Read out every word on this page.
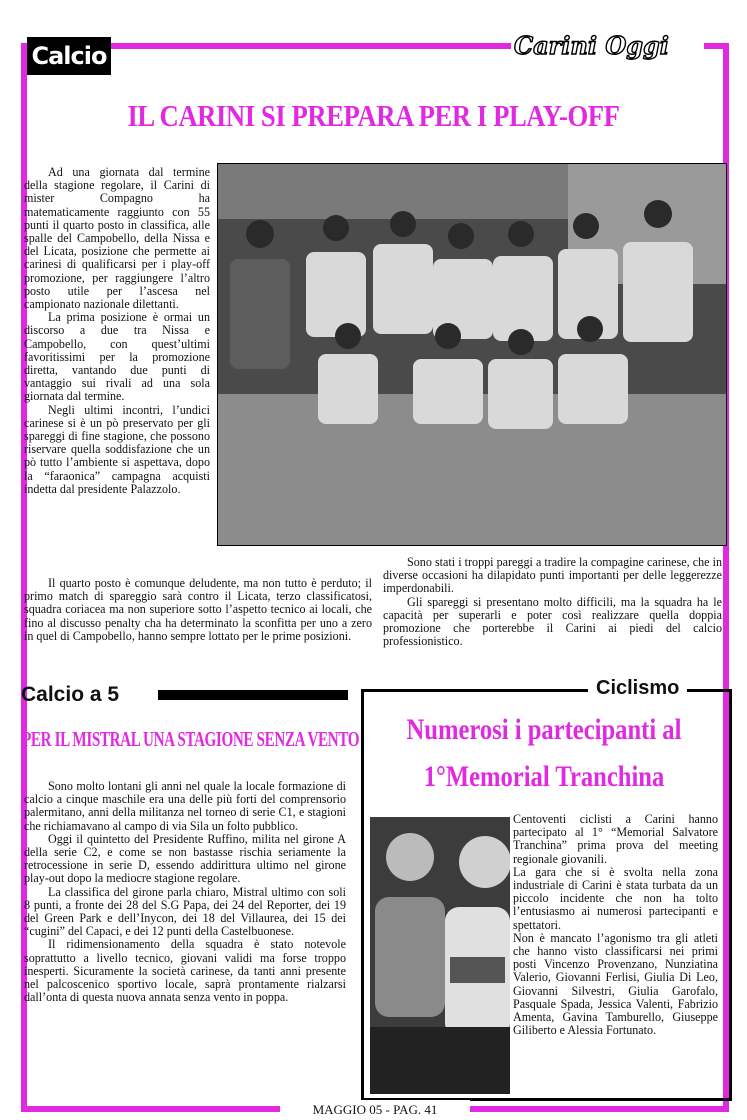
Calcio	Carini Oggi
IL CARINI SI PREPARA PER I PLAY-OFF

Ad una giornata dal termine della stagione regolare, il Carini di mister Compagno ha matematicamente raggiunto con 55 punti il quarto posto in classifica, alle spalle del Campobello, della Nissa e del Licata, posizione che permette ai carinesi di qualificarsi per i play-off promozione, per raggiungere l’altro posto utile per l’ascesa nel campionato nazionale dilettanti.

La prima posizione è ormai un discorso a due tra Nissa e Campobello, con quest’ultimi favoritissimi per la promozione diretta, vantando due punti di vantaggio sui rivali ad una sola giornata dal termine.

Negli ultimi incontri, l’undici carinese si è un pò preservato per gli spareggi di fine stagione, che possono riservare quella soddisfazione che un pò tutto l’ambiente si aspettava, dopo la “faraonica” campagna acquisti indetta dal presidente Palazzolo.

Il quarto posto è comunque deludente, ma non tutto è perduto; il primo match di spareggio sarà contro il Licata, terzo classificatosi, squadra coriacea ma non superiore sotto l’aspetto tecnico ai locali, che fino al discusso penalty cha ha determinato la sconfitta per uno a zero in quel di Campobello, hanno sempre lottato per le prime posizioni.

Sono stati i troppi pareggi a tradire la compagine carinese, che in diverse occasioni ha dilapidato punti importanti per delle leggerezze imperdonabili.

Gli spareggi si presentano molto difficili, ma la squadra ha le capacità per superarli e poter così realizzare quella doppia promozione che porterebbe il Carini ai piedi del calcio professionistico.

Calcio a 5
PER IL MISTRAL UNA STAGIONE SENZA VENTO

Sono molto lontani gli anni nel quale la locale formazione di calcio a cinque maschile era una delle più forti del comprensorio palermitano, anni della militanza nel torneo di serie C1, e stagioni che richiamavano al campo di via Sila un folto pubblico.

Oggi il quintetto del Presidente Ruffino, milita nel girone A della serie C2, e come se non bastasse rischia seriamente la retrocessione in serie D, essendo addirittura ultimo nel girone play-out dopo la mediocre stagione regolare.

La classifica del girone parla chiaro, Mistral ultimo con soli 8 punti, a fronte dei 28 del S.G Papa, dei 24 del Reporter, dei 19 del Green Park e dell’Inycon, dei 18 del Villaurea, dei 15 dei “cugini” del Capaci, e dei 12 punti della Castelbuonese.

Il ridimensionamento della squadra è stato notevole soprattutto a livello tecnico, giovani validi ma forse troppo inesperti. Sicuramente la società carinese, da tanti anni presente nel palcoscenico sportivo locale, saprà prontamente rialzarsi dall’onta di questa nuova annata senza vento in poppa.

Ciclismo
Numerosi i partecipanti al
1°Memorial Tranchina

Centoventi ciclisti a Carini hanno partecipato al 1° “Memorial Salvatore Tranchina” prima prova del meeting regionale giovanili.

La gara che si è svolta nella zona industriale di Carini è stata turbata da un piccolo incidente che non ha tolto l’entusiasmo ai numerosi partecipanti e spettatori.

Non è mancato l’agonismo tra gli atleti che hanno visto classificarsi nei primi posti Vincenzo Provenzano, Nunziatina Valerio, Giovanni Ferlisi, Giulia Di Leo, Giovanni Silvestri, Giulia Garofalo, Pasquale Spada, Jessica Valenti, Fabrizio Amenta, Gavina Tamburello, Giuseppe Giliberto e Alessia Fortunato.

MAGGIO 05 - PAG. 41
